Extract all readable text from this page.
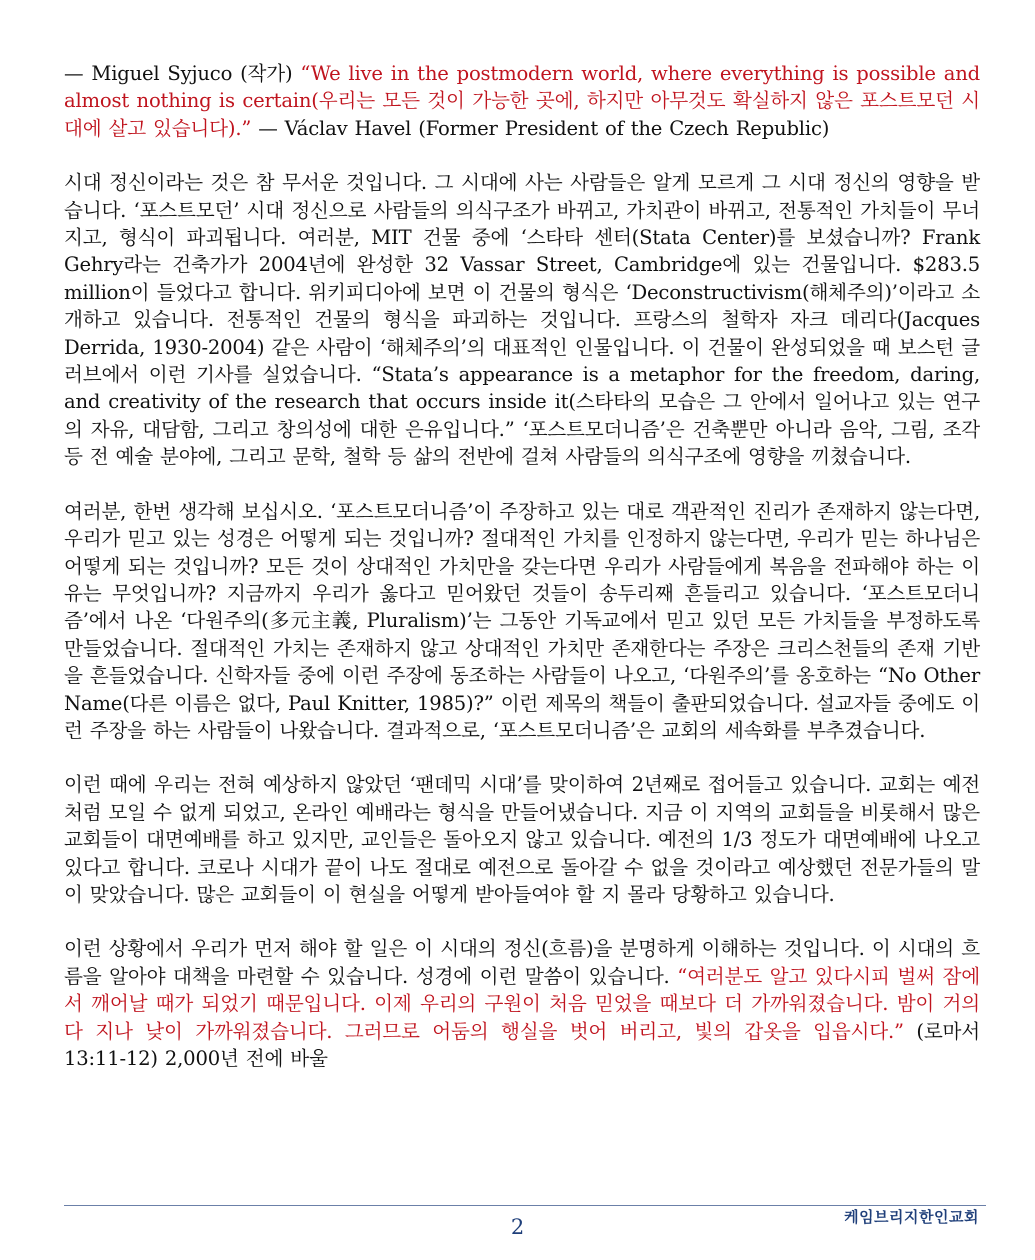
— Miguel Syjuco (작가) “We live in the postmodern world, where everything is possible and almost nothing is certain(우리는 모든 것이 가능한 곳에, 하지만 아무것도 확실하지 않은 포스트모던 시대에 살고 있습니다).” — Václav Havel (Former President of the Czech Republic)

시대 정신이라는 것은 참 무서운 것입니다. 그 시대에 사는 사람들은 알게 모르게 그 시대 정신의 영향을 받습니다. ‘포스트모던’ 시대 정신으로 사람들의 의식구조가 바뀌고, 가치관이 바뀌고, 전통적인 가치들이 무너지고, 형식이 파괴됩니다. 여러분, MIT 건물 중에 ‘스타타 센터(Stata Center)를 보셨습니까? Frank Gehry라는 건축가가 2004년에 완성한 32 Vassar Street, Cambridge에 있는 건물입니다. $283.5 million이 들었다고 합니다. 위키피디아에 보면 이 건물의 형식은 ‘Deconstructivism(해체주의)’이라고 소개하고 있습니다. 전통적인 건물의 형식을 파괴하는 것입니다. 프랑스의 철학자 자크 데리다(Jacques Derrida, 1930-2004) 같은 사람이 ‘해체주의’의 대표적인 인물입니다. 이 건물이 완성되었을 때 보스턴 글러브에서 이런 기사를 실었습니다. “Stata’s appearance is a metaphor for the freedom, daring, and creativity of the research that occurs inside it(스타타의 모습은 그 안에서 일어나고 있는 연구의 자유, 대담함, 그리고 창의성에 대한 은유입니다.” ‘포스트모더니즘’은 건축뿐만 아니라 음악, 그림, 조각 등 전 예술 분야에, 그리고 문학, 철학 등 삶의 전반에 걸쳐 사람들의 의식구조에 영향을 끼쳤습니다.

여러분, 한번 생각해 보십시오. ‘포스트모더니즘’이 주장하고 있는 대로 객관적인 진리가 존재하지 않는다면, 우리가 믿고 있는 성경은 어떻게 되는 것입니까? 절대적인 가치를 인정하지 않는다면, 우리가 믿는 하나님은 어떻게 되는 것입니까? 모든 것이 상대적인 가치만을 갖는다면 우리가 사람들에게 복음을 전파해야 하는 이유는 무엇입니까? 지금까지 우리가 옳다고 믿어왔던 것들이 송두리째 흔들리고 있습니다. ‘포스트모더니즘’에서 나온 ‘다원주의(多元主義, Pluralism)’는 그동안 기독교에서 믿고 있던 모든 가치들을 부정하도록 만들었습니다. 절대적인 가치는 존재하지 않고 상대적인 가치만 존재한다는 주장은 크리스천들의 존재 기반을 흔들었습니다. 신학자들 중에 이런 주장에 동조하는 사람들이 나오고, ‘다원주의’를 옹호하는 “No Other Name(다른 이름은 없다, Paul Knitter, 1985)?” 이런 제목의 책들이 출판되었습니다. 설교자들 중에도 이런 주장을 하는 사람들이 나왔습니다. 결과적으로, ‘포스트모더니즘’은 교회의 세속화를 부추겼습니다.

이런 때에 우리는 전혀 예상하지 않았던 ‘팬데믹 시대’를 맞이하여 2년째로 접어들고 있습니다. 교회는 예전처럼 모일 수 없게 되었고, 온라인 예배라는 형식을 만들어냈습니다. 지금 이 지역의 교회들을 비롯해서 많은 교회들이 대면예배를 하고 있지만, 교인들은 돌아오지 않고 있습니다. 예전의 1/3 정도가 대면예배에 나오고 있다고 합니다. 코로나 시대가 끝이 나도 절대로 예전으로 돌아갈 수 없을 것이라고 예상했던 전문가들의 말이 맞았습니다. 많은 교회들이 이 현실을 어떻게 받아들여야 할 지 몰라 당황하고 있습니다.

이런 상황에서 우리가 먼저 해야 할 일은 이 시대의 정신(흐름)을 분명하게 이해하는 것입니다. 이 시대의 흐름을 알아야 대책을 마련할 수 있습니다. 성경에 이런 말씀이 있습니다. “여러분도 알고 있다시피 벌써 잠에서 깨어날 때가 되었기 때문입니다. 이제 우리의 구원이 처음 믿었을 때보다 더 가까워졌습니다. 밤이 거의 다 지나 낮이 가까워졌습니다. 그러므로 어둠의 행실을 벗어 버리고, 빛의 갑옷을 입읍시다.” (로마서 13:11-12) 2,000년 전에 바울

2	케임브리지한인교회
